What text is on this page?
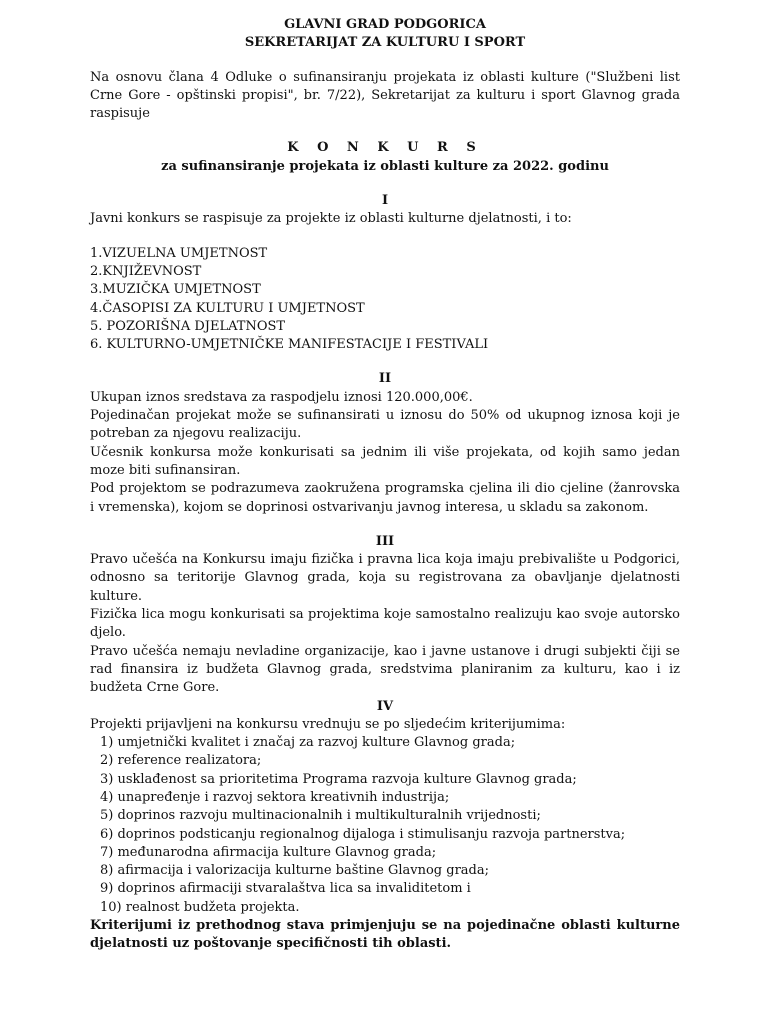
GLAVNI GRAD PODGORICA

SEKRETARIJAT ZA KULTURU I SPORT

Na osnovu člana 4 Odluke o sufinansiranju projekata iz oblasti kulture ("Službeni list Crne Gore - opštinski propisi", br. 7/22), Sekretarijat za kulturu i sport Glavnog grada raspisuje

K O N K U R S

za sufinansiranje projekata iz oblasti kulture za 2022. godinu

I

Javni konkurs se raspisuje za projekte iz oblasti kulturne djelatnosti, i to:

1.VIZUELNA UMJETNOST
2.KNJIŽEVNOST
3.MUZIČKA UMJETNOST
4.ČASOPISI ZA KULTURU I UMJETNOST
5. POZORIŠNA DJELATNOST
6. KULTURNO-UMJETNIČKE MANIFESTACIJE I FESTIVALI

II

Ukupan iznos sredstava za raspodjelu iznosi 120.000,00€.

Pojedinačan projekat može se sufinansirati u iznosu do 50% od ukupnog iznosa koji je potreban za njegovu realizaciju.

Učesnik konkursa može konkurisati sa jednim ili više projekata, od kojih samo jedan moze biti sufinansiran.

Pod projektom se podrazumeva zaokružena programska cjelina ili dio cjeline (žanrovska i vremenska), kojom se doprinosi ostvarivanju javnog interesa, u skladu sa zakonom.

III

Pravo učešća na Konkursu imaju fizička i pravna lica koja imaju prebivalište u Podgorici, odnosno sa teritorije Glavnog grada, koja su registrovana za obavljanje djelatnosti kulture.

Fizička lica mogu konkurisati sa projektima koje samostalno realizuju kao svoje autorsko djelo.

Pravo učešća nemaju nevladine organizacije, kao i javne ustanove i drugi subjekti čiji se rad finansira iz budžeta Glavnog grada, sredstvima planiranim za kulturu, kao i iz budžeta Crne Gore.

IV

Projekti prijavljeni na konkursu vrednuju se po sljedećim kriterijumima:

1) umjetnički kvalitet i značaj za razvoj kulture Glavnog grada;
2) reference realizatora;
3) usklađenost sa prioritetima Programa razvoja kulture Glavnog grada;
4) unapređenje i razvoj sektora kreativnih industrija;
5) doprinos razvoju multinacionalnih i multikulturalnih vrijednosti;
6) doprinos podsticanju regionalnog dijaloga i stimulisanju razvoja partnerstva;
7) međunarodna afirmacija kulture Glavnog grada;
8) afirmacija i valorizacija kulturne baštine Glavnog grada;
9) doprinos afirmaciji stvaralaštva lica sa invaliditetom i
10) realnost budžeta projekta.

Kriterijumi iz prethodnog stava primjenjuju se na pojedinačne oblasti kulturne djelatnosti uz poštovanje specifičnosti tih oblasti.
